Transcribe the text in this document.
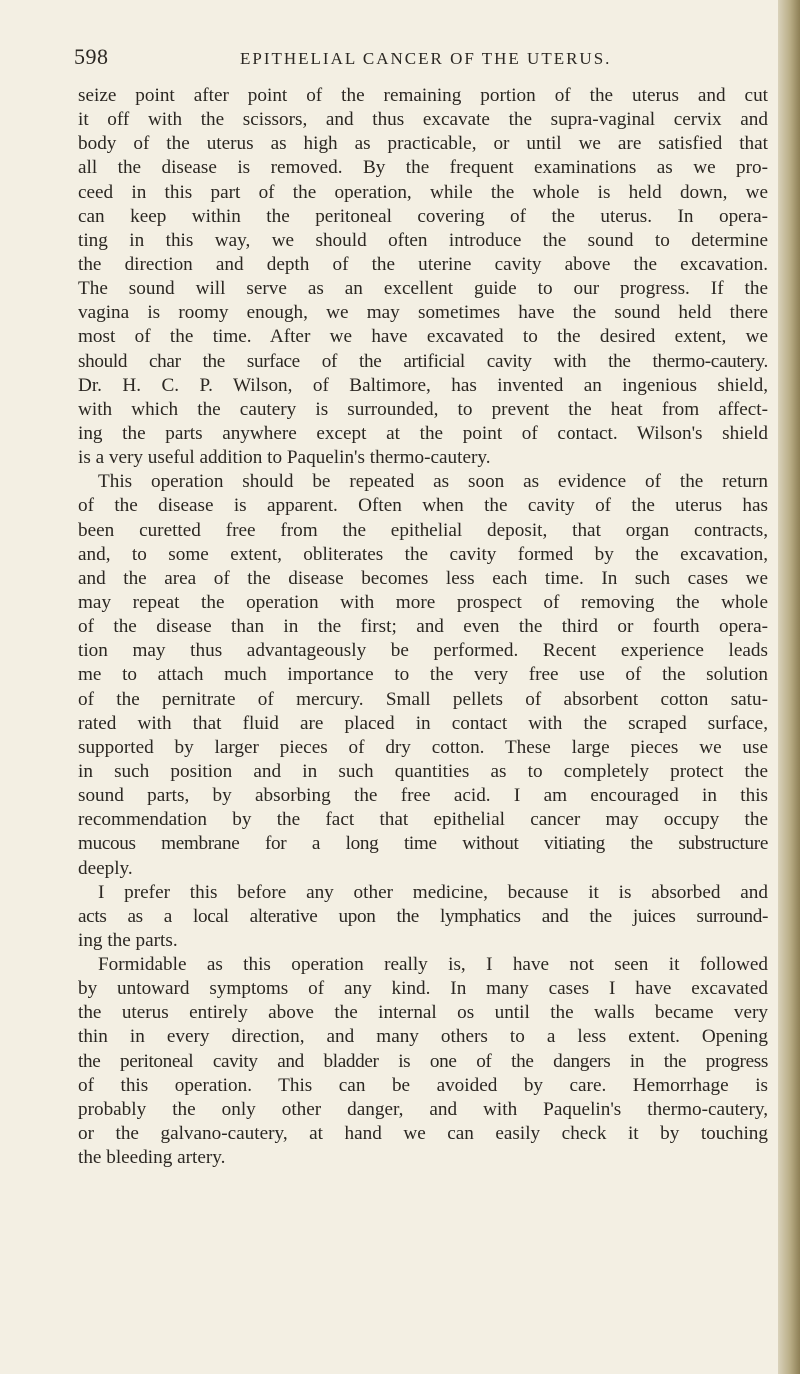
598	EPITHELIAL CANCER OF THE UTERUS.
seize point after point of the remaining portion of the uterus and cut
it off with the scissors, and thus excavate the supra-vaginal cervix and
body of the uterus as high as practicable, or until we are satisfied that
all the disease is removed. By the frequent examinations as we pro-
ceed in this part of the operation, while the whole is held down, we
can keep within the peritoneal covering of the uterus. In opera-
ting in this way, we should often introduce the sound to determine
the direction and depth of the uterine cavity above the excavation.
The sound will serve as an excellent guide to our progress. If the
vagina is roomy enough, we may sometimes have the sound held there
most of the time. After we have excavated to the desired extent, we
should char the surface of the artificial cavity with the thermo-cautery.
Dr. H. C. P. Wilson, of Baltimore, has invented an ingenious shield,
with which the cautery is surrounded, to prevent the heat from affect-
ing the parts anywhere except at the point of contact. Wilson's shield
is a very useful addition to Paquelin's thermo-cautery.
This operation should be repeated as soon as evidence of the return
of the disease is apparent. Often when the cavity of the uterus has
been curetted free from the epithelial deposit, that organ contracts,
and, to some extent, obliterates the cavity formed by the excavation,
and the area of the disease becomes less each time. In such cases we
may repeat the operation with more prospect of removing the whole
of the disease than in the first; and even the third or fourth opera-
tion may thus advantageously be performed. Recent experience leads
me to attach much importance to the very free use of the solution
of the pernitrate of mercury. Small pellets of absorbent cotton satu-
rated with that fluid are placed in contact with the scraped surface,
supported by larger pieces of dry cotton. These large pieces we use
in such position and in such quantities as to completely protect the
sound parts, by absorbing the free acid. I am encouraged in this
recommendation by the fact that epithelial cancer may occupy the
mucous membrane for a long time without vitiating the substructure
deeply.
I prefer this before any other medicine, because it is absorbed and
acts as a local alterative upon the lymphatics and the juices surround-
ing the parts.
Formidable as this operation really is, I have not seen it followed
by untoward symptoms of any kind. In many cases I have excavated
the uterus entirely above the internal os until the walls became very
thin in every direction, and many others to a less extent. Opening
the peritoneal cavity and bladder is one of the dangers in the progress
of this operation. This can be avoided by care. Hemorrhage is
probably the only other danger, and with Paquelin's thermo-cautery,
or the galvano-cautery, at hand we can easily check it by touching
the bleeding artery.
